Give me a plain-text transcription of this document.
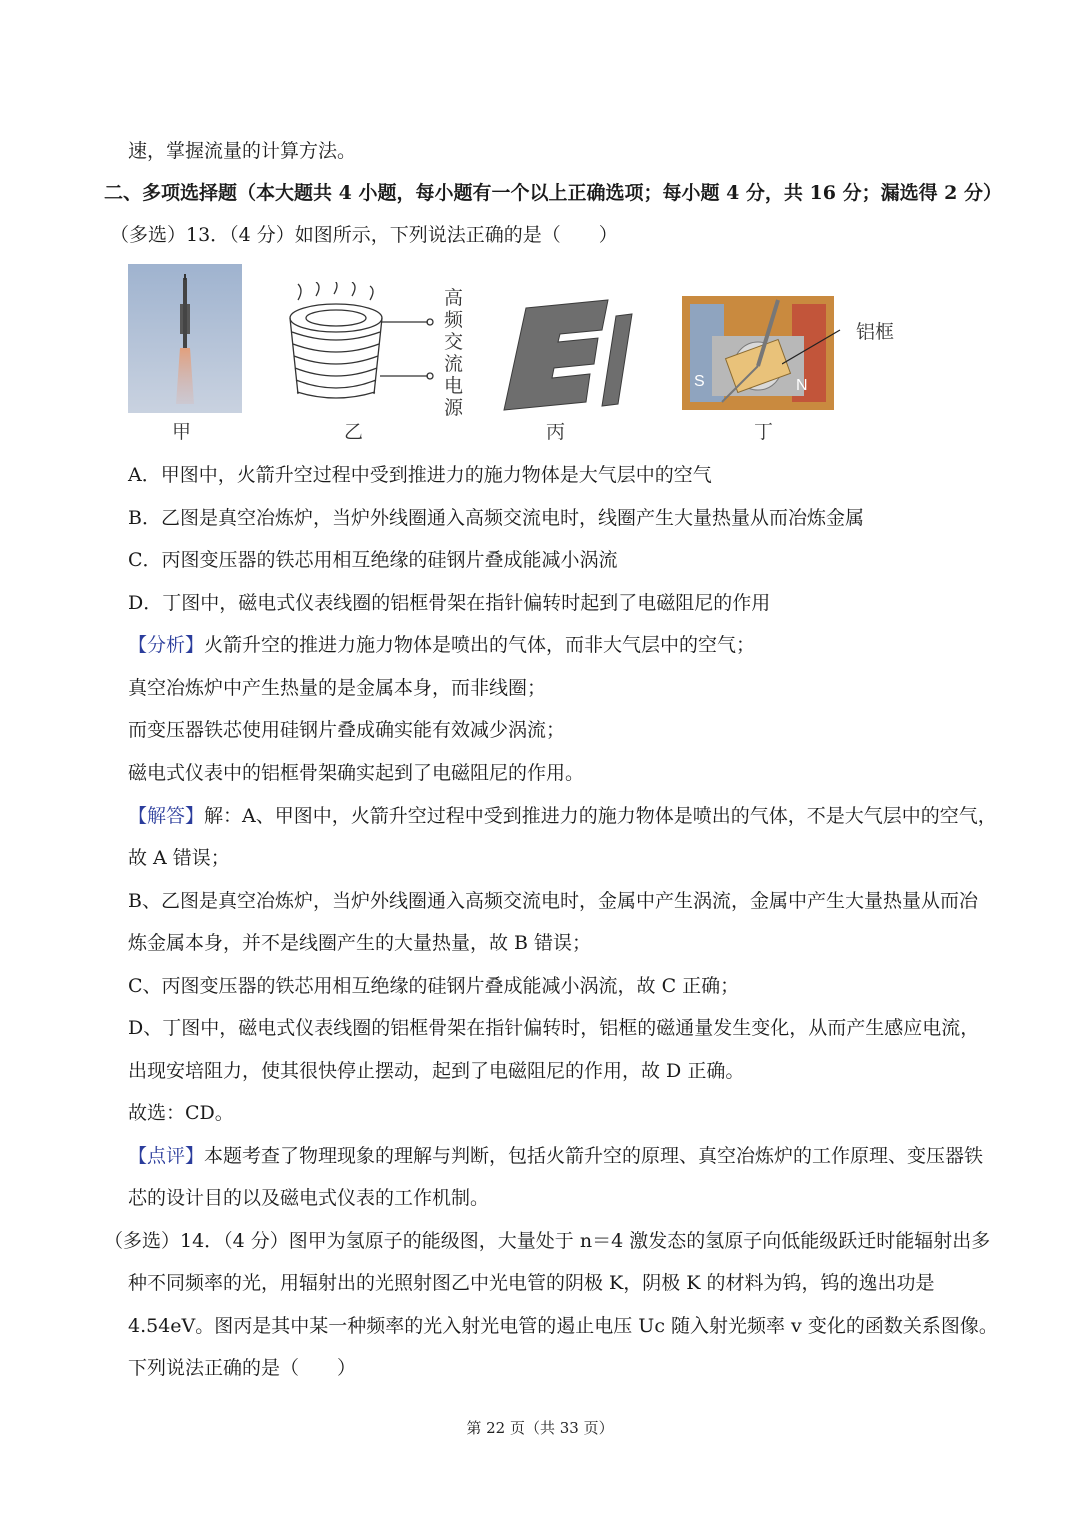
速，掌握流量的计算方法。
二、多项选择题（本大题共 4 小题，每小题有一个以上正确选项；每小题 4 分，共 16 分；漏选得 2 分）
（多选）13．（4 分）如图所示，下列说法正确的是（　　）
高
频
交
流
电
源
S	N
铝框
甲	乙	丙	丁
A．甲图中，火箭升空过程中受到推进力的施力物体是大气层中的空气
B．乙图是真空冶炼炉，当炉外线圈通入高频交流电时，线圈产生大量热量从而冶炼金属
C．丙图变压器的铁芯用相互绝缘的硅钢片叠成能减小涡流
D．丁图中，磁电式仪表线圈的铝框骨架在指针偏转时起到了电磁阻尼的作用
【分析】火箭升空的推进力施力物体是喷出的气体，而非大气层中的空气；
真空冶炼炉中产生热量的是金属本身，而非线圈；
而变压器铁芯使用硅钢片叠成确实能有效减少涡流；
磁电式仪表中的铝框骨架确实起到了电磁阻尼的作用。
【解答】解：A、甲图中，火箭升空过程中受到推进力的施力物体是喷出的气体，不是大气层中的空气，
故 A 错误；
B、乙图是真空冶炼炉，当炉外线圈通入高频交流电时，金属中产生涡流，金属中产生大量热量从而冶
炼金属本身，并不是线圈产生的大量热量，故 B 错误；
C、丙图变压器的铁芯用相互绝缘的硅钢片叠成能减小涡流，故 C 正确；
D、丁图中，磁电式仪表线圈的铝框骨架在指针偏转时，铝框的磁通量发生变化，从而产生感应电流，
出现安培阻力，使其很快停止摆动，起到了电磁阻尼的作用，故 D 正确。
故选：CD。
【点评】本题考查了物理现象的理解与判断，包括火箭升空的原理、真空冶炼炉的工作原理、变压器铁
芯的设计目的以及磁电式仪表的工作机制。
（多选）14．（4 分）图甲为氢原子的能级图，大量处于 n＝4 激发态的氢原子向低能级跃迁时能辐射出多
种不同频率的光，用辐射出的光照射图乙中光电管的阴极 K，阴极 K 的材料为钨，钨的逸出功是
4.54eV。图丙是其中某一种频率的光入射光电管的遏止电压 Uc 随入射光频率 v 变化的函数关系图像。
下列说法正确的是（　　）
第 22 页（共 33 页）
